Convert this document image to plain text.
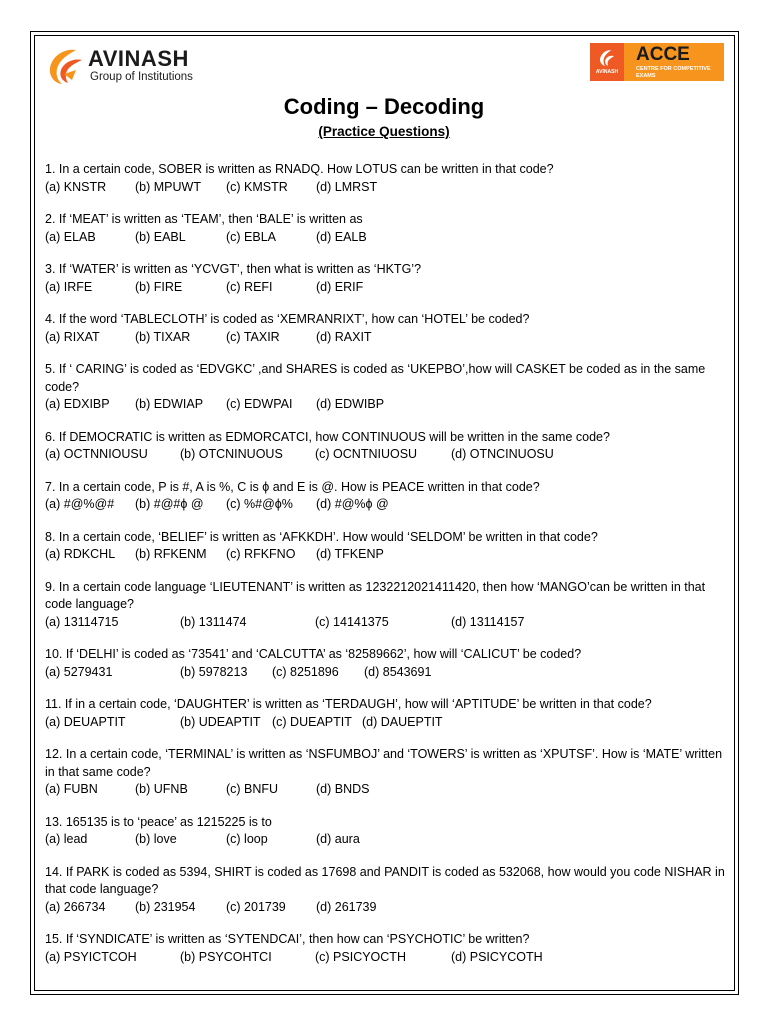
AVINASH
Group of Institutions	AVINASH
ACCE
CENTRE FOR COMPETITIVE EXAMS
Coding – Decoding
(Practice Questions)
1. In a certain code, SOBER is written as RNADQ. How LOTUS can be written in that code?
(a) KNSTR	(b) MPUWT	(c) KMSTR	(d) LMRST
2. If ‘MEAT’ is written as ‘TEAM’, then ‘BALE’ is written as
(a) ELAB	(b) EABL	(c) EBLA	(d) EALB
3. If ‘WATER’ is written as ‘YCVGT’, then what is written as ‘HKTG’?
(a) IRFE	(b) FIRE	(c) REFI	(d) ERIF
4. If the word ‘TABLECLOTH’ is coded as ‘XEMRANRIXT’, how can ‘HOTEL’ be coded?
(a) RIXAT	(b) TIXAR	(c) TAXIR	(d) RAXIT
5. If ‘ CARING’ is coded as ‘EDVGKC’ ,and SHARES is coded as ‘UKEPBO’,how will CASKET be coded as in the same code?
(a) EDXIBP	(b) EDWIAP	(c) EDWPAI	(d) EDWIBP
6. If DEMOCRATIC is written as EDMORCATCI, how CONTINUOUS will be written in the same code?
(a) OCTNNIOUSU	(b) OTCNINUOUS	(c) OCNTNIUOSU	(d) OTNCINUOSU
7. In a certain code, P is #, A is %, C is ϕ and E is @. How is PEACE written in that code?
(a) #@%@#	(b) #@#ϕ @	(c) %#@ϕ%	(d) #@%ϕ @
8. In a certain code, ‘BELIEF’ is written as ‘AFKKDH’. How would ‘SELDOM’ be written in that code?
(a) RDKCHL	(b) RFKENM	(c) RFKFNO	(d) TFKENP
9. In a certain code language ‘LIEUTENANT’ is written as 1232212021411420, then how ‘MANGO’can be written in that code language?
(a) 13114715	(b) 1311474	(c) 14141375	(d) 13114157
10. If ‘DELHI’ is coded as ‘73541’ and ‘CALCUTTA’ as ‘82589662’, how will ‘CALICUT’ be coded?
(a) 5279431	(b) 5978213	(c) 8251896	(d) 8543691
11. If in a certain code, ‘DAUGHTER’ is written as ‘TERDAUGH’, how will ‘APTITUDE’ be written in that code?
(a) DEUAPTIT	(b) UDEAPTIT (c) DUEAPTIT (d) DAUEPTIT
12. In a certain code, ‘TERMINAL’ is written as ‘NSFUMBOJ’ and ‘TOWERS’ is written as ‘XPUTSF’. How is ‘MATE’ written in that same code?
(a) FUBN	(b) UFNB	(c) BNFU	(d) BNDS
13. 165135 is to ‘peace’ as 1215225 is to
(a) lead	(b) love	(c) loop	(d) aura
14. If PARK is coded as 5394, SHIRT is coded as 17698 and PANDIT is coded as 532068, how would you code NISHAR in that code language?
(a) 266734	(b) 231954	(c) 201739	(d) 261739
15. If ‘SYNDICATE’ is written as ‘SYTENDCAI’, then how can ‘PSYCHOTIC’ be written?
(a) PSYICTCOH	(b) PSYCOHTCI	(c) PSICYOCTH	(d) PSICYCOTH
